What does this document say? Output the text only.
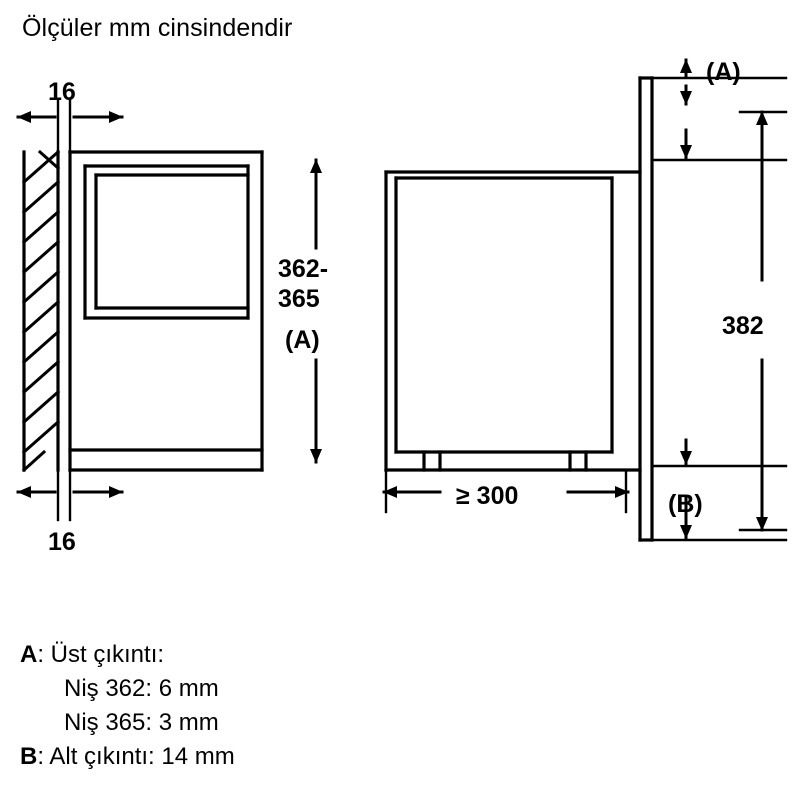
Ölçüler mm cinsindendir
16
16
362-
365
(A)
≥ 300
382
(A)
(B)
A: Üst çıkıntı:
Niş 362: 6 mm
Niş 365: 3 mm
B: Alt çıkıntı: 14 mm
